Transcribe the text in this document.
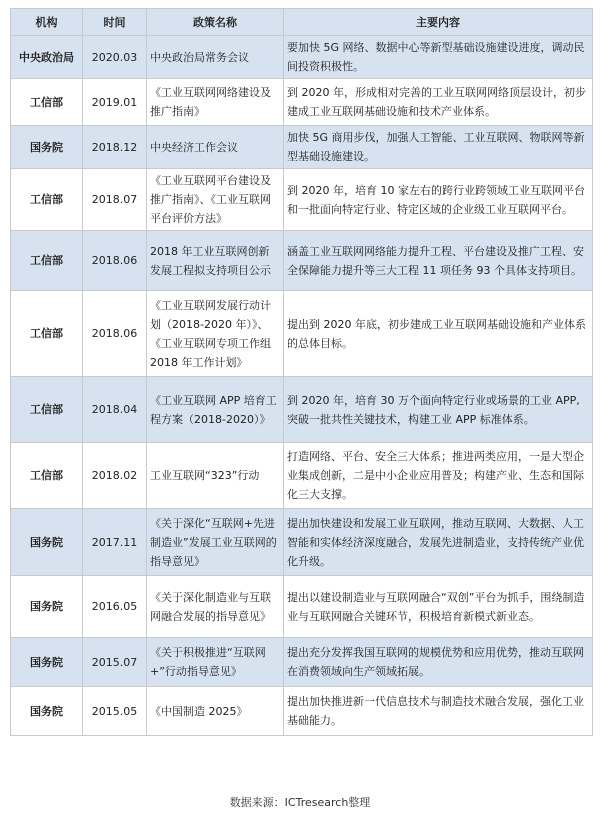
机构	时间	政策名称	主要内容
中央政治局	2020.03	中央政治局常务会议	要加快 5G 网络、数据中心等新型基础设施建设进度，调动民间投资积极性。
工信部	2019.01	《工业互联网网络建设及推广指南》	到 2020 年，形成相对完善的工业互联网网络顶层设计，初步建成工业互联网基础设施和技术产业体系。
国务院	2018.12	中央经济工作会议	加快 5G 商用步伐，加强人工智能、工业互联网、物联网等新型基础设施建设。
工信部	2018.07	《工业互联网平台建设及推广指南》、《工业互联网平台评价方法》	到 2020 年，培育 10 家左右的跨行业跨领域工业互联网平台和一批面向特定行业、特定区域的企业级工业互联网平台。
工信部	2018.06	2018 年工业互联网创新发展工程拟支持项目公示	涵盖工业互联网网络能力提升工程、平台建设及推广工程、安全保障能力提升等三大工程 11 项任务 93 个具体支持项目。
工信部	2018.06	《工业互联网发展行动计划（2018-2020 年）》、《工业互联网专项工作组 2018 年工作计划》	提出到 2020 年底，初步建成工业互联网基础设施和产业体系的总体目标。
工信部	2018.04	《工业互联网 APP 培育工程方案（2018-2020）》	到 2020 年，培育 30 万个面向特定行业或场景的工业 APP,突破一批共性关键技术，构建工业 APP 标准体系。
工信部	2018.02	工业互联网“323”行动	打造网络、平台、安全三大体系；推进两类应用，一是大型企业集成创新，二是中小企业应用普及；构建产业、生态和国际化三大支撑。
国务院	2017.11	《关于深化“互联网+先进制造业”发展工业互联网的指导意见》	提出加快建设和发展工业互联网，推动互联网、大数据、人工智能和实体经济深度融合，发展先进制造业，支持传统产业优化升级。
国务院	2016.05	《关于深化制造业与互联网融合发展的指导意见》	提出以建设制造业与互联网融合“双创”平台为抓手，围绕制造业与互联网融合关键环节，积极培育新模式新业态。
国务院	2015.07	《关于积极推进“互联网+”行动指导意见》	提出充分发挥我国互联网的规模优势和应用优势，推动互联网在消费领域向生产领域拓展。
国务院	2015.05	《中国制造 2025》	提出加快推进新一代信息技术与制造技术融合发展，强化工业基础能力。
数据来源：ICTresearch整理
